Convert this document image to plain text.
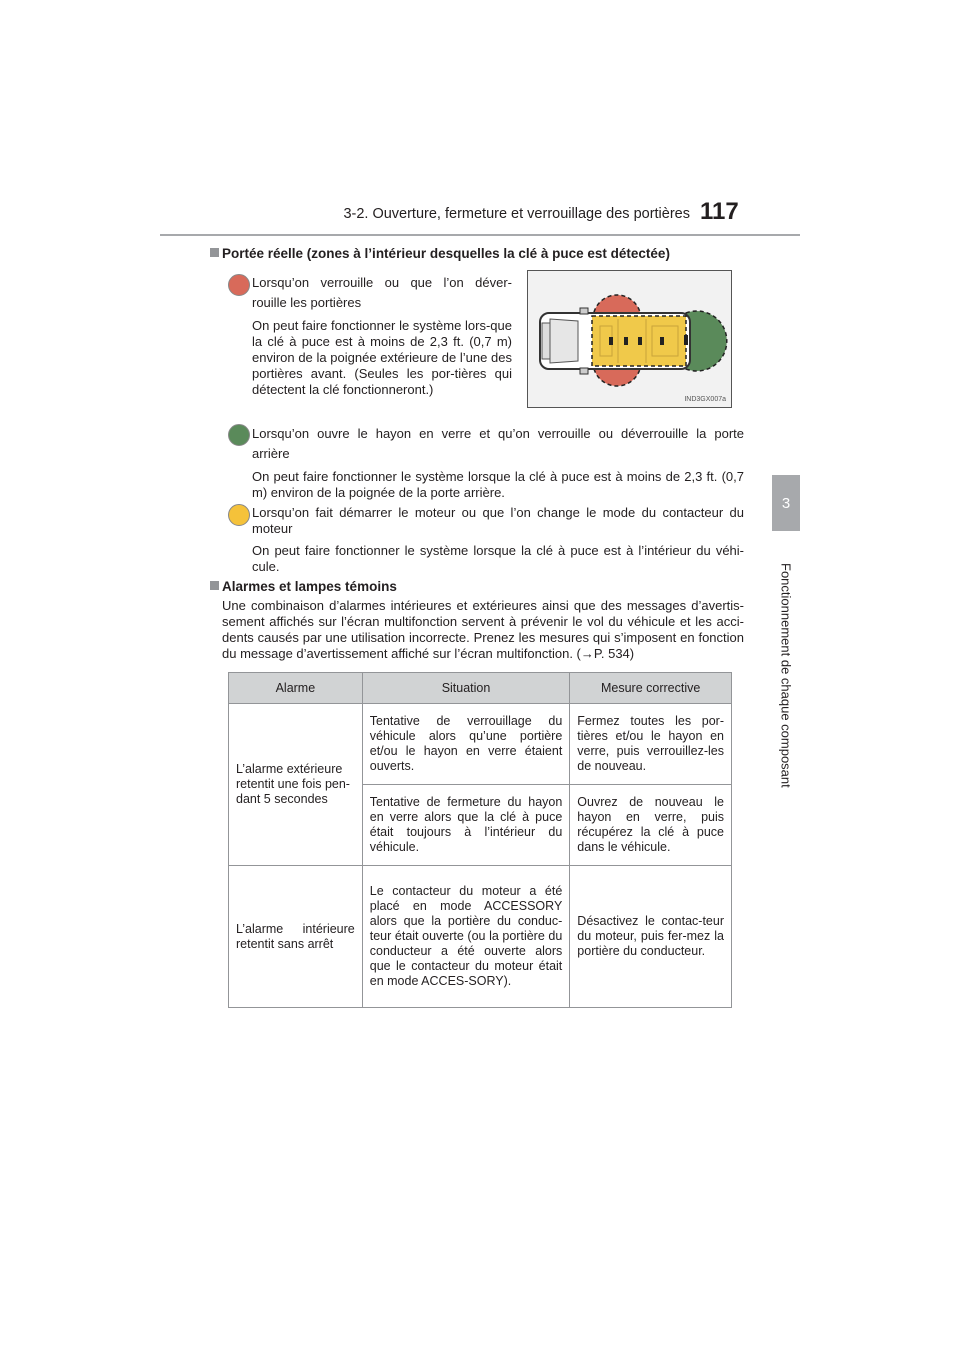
3-2. Ouverture, fermeture et verrouillage des portières 117
3
Fonctionnement de chaque composant
Portée réelle (zones à l’intérieur desquelles la clé à puce est détectée)
Lorsqu’on verrouille ou que l’on déver-
rouille les portières
On peut faire fonctionner le système lors-que la clé à puce est à moins de 2,3 ft. (0,7 m) environ de la poignée extérieure de l’une des portières avant. (Seules les por-tières qui détectent la clé fonctionneront.)
IND3GX007a
Lorsqu’on ouvre le hayon en verre et qu’on verrouille ou déverrouille la porte
arrière
On peut faire fonctionner le système lorsque la clé à puce est à moins de 2,3 ft. (0,7 m) environ de la poignée de la porte arrière.
Lorsqu’on fait démarrer le moteur ou que l’on change le mode du contacteur du
moteur
On peut faire fonctionner le système lorsque la clé à puce est à l’intérieur du véhi-cule.
Alarmes et lampes témoins
Une combinaison d’alarmes intérieures et extérieures ainsi que des messages d’avertis-sement affichés sur l’écran multifonction servent à prévenir le vol du véhicule et les acci-dents causés par une utilisation incorrecte. Prenez les mesures qui s’imposent en fonction du message d’avertissement affiché sur l’écran multifonction. (→P. 534)
Alarme	Situation	Mesure corrective
L’alarme extérieure retentit une fois pen-dant 5 secondes	Tentative de verrouillage du véhicule alors qu’une portière et/ou le hayon en verre étaient ouverts.	Fermez toutes les por-tières et/ou le hayon en verre, puis verrouillez-les de nouveau.
	Tentative de fermeture du hayon en verre alors que la clé à puce était toujours à l’intérieur du véhicule.	Ouvrez de nouveau le hayon en verre, puis récupérez la clé à puce dans le véhicule.
L’alarme intérieure retentit sans arrêt	Le contacteur du moteur a été placé en mode ACCESSORY alors que la portière du conduc-teur était ouverte (ou la portière du conducteur a été ouverte alors que le contacteur du moteur était en mode ACCES-SORY).	Désactivez le contac-teur du moteur, puis fer-mez la portière du conducteur.
